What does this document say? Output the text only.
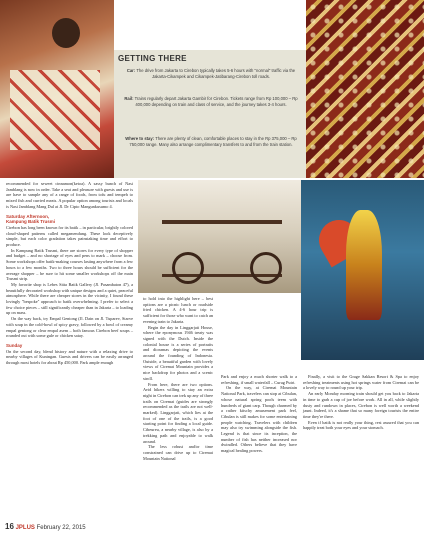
GETTING THERE
Car: The drive from Jakarta to Cirebon typically takes 5-6 hours with "normal" traffic via the Jakarta-Cikampek and Cikampek-Jatibarang-Cirebon toll roads.
Rail: Trains regularly depart Jakarta Gambir for Cirebon. Tickets range from Rp 100,000 – Rp 400,000 depending on train and class of service, and the journey takes 3-4 hours.
Where to stay: There are plenty of clean, comfortable places to stay in the Rp 375,000 – Rp 750,000 range. Many also arrange complimentary transfers to and from the train station.

recommended for seweet cinnamon(ketoa). A sassy bunch of Nasi Jamblang is now in order. Take a seat and pleasure with guests and use is are have to sample any of a range of foods, from tofu and tempeh to mixed fish and curried meats. A popular option among tourists and locals is Nasi Jamblang Mang Dul at Jl. Dr Cipto Mangunkusumo 4.

Saturday Afternoon,

Kampung Batik Trusmi

Cirebon has long been known for its batik – in particular, brightly colored cloud-shaped patterns called megamendung. These look deceptively simple, but each color gradation takes painstaking time and effort to produce.

In Kampung Batik Trusmi, there are stores for every type of shopper and budget – and no shortage of eyes and pens to mark – choose from. Some workshops offer batik-making courses lasting anywhere from a few hours to a few months. Two to three hours should be sufficient for the average shopper – be sure to hit some smaller workshops off the main Trusmi strip.

My favorite shop is Lebes Sitta Batik Gallery (Jl. Pasambaton 47), a beautifully decorated workshop with unique designs and a quiet, peaceful atmosphere. While there are cheaper stores in the vicinity, I found these lovingly "bespoke" approach to batik overwhelming. I prefer to select a few choice pieces – still significantly cheaper than in Jakarta – to loading up on mass.

On the way back, try Empal Gentong (Jl. Dain on Jl. Tuparev, Starve with soup in the cold-bowl of spicy gravy, followed by a bowl of creamy empal gentong or clear empal asem – both famous Cirebon beef soups – rounded out with some gule or chicken satay.

Sunday

On the second day, blend history and nature with a relaxing drive to nearby villages of Kuningan. Guests and drivers can be easily arranged through most hotels for about Rp 450,000. Park ample enough

to hold into the highlight here – best options are a picnic lunch or roadside fried chicken. A 4-6 hour trip is sufficient for those who want to catch an evening train to Jakarta.

Begin the day in Linggarjati House, where the eponymous 1946 treaty was signed with the Dutch. Inside the colonial house is a series of portraits and dioramas depicting the events around the founding of Indonesia. Outside, a beautiful garden with lovely views of Ciremai Mountain provides a nice backdrop for photos and a scenic stroll.

From here, there are two options. Avid hikers willing to stay an extra night in Cirebon can trek up any of three trails on Ciremai (guides are strongly recommended as the trails are not well-marked). Linggarjati, which lies at the foot of one of the trails, is a good starting point for finding a local guide. Cibeureu, a nearby village, is also by a trekking path and enjoyable to walk around.

The less robust and/or time constrained can drive up to Ciremai Mountain National

Park and enjoy a much shorter walk to a refreshing, if small waterfall – Curug Putri.

On the way, at Ciremai Mountain National Park, travelers can stop at Cibulan, whose natural spring pools teem with hundreds of giant carp. Though charmed by a rather kitschy amusement park feel, Cibulan is still makes for some entertaining people watching. Travelers with children may also try swimming alongside the fish. Legend is that since its inception, the number of fish has neither increased nor dwindled. Others believe that they have magical healing powers.

Finally, a visit to the Grage Sakkan Resort & Spa to enjoy refreshing treatments using hot springs water from Ciremai can be a lovely way to round up your trip.

An early Monday morning train should get you back to Jakarta in time to grab a cup of joe before work. All in all, while slightly dusty and rundown in places, Cirebon is well worth a weekend jaunt. Indeed, it's a shame that so many foreign tourists the entire time they're there.

Even if batik is not really your thing, rest assured that you can happily treat both your eyes and your stomach.

16 JPLUS February 22, 2015
